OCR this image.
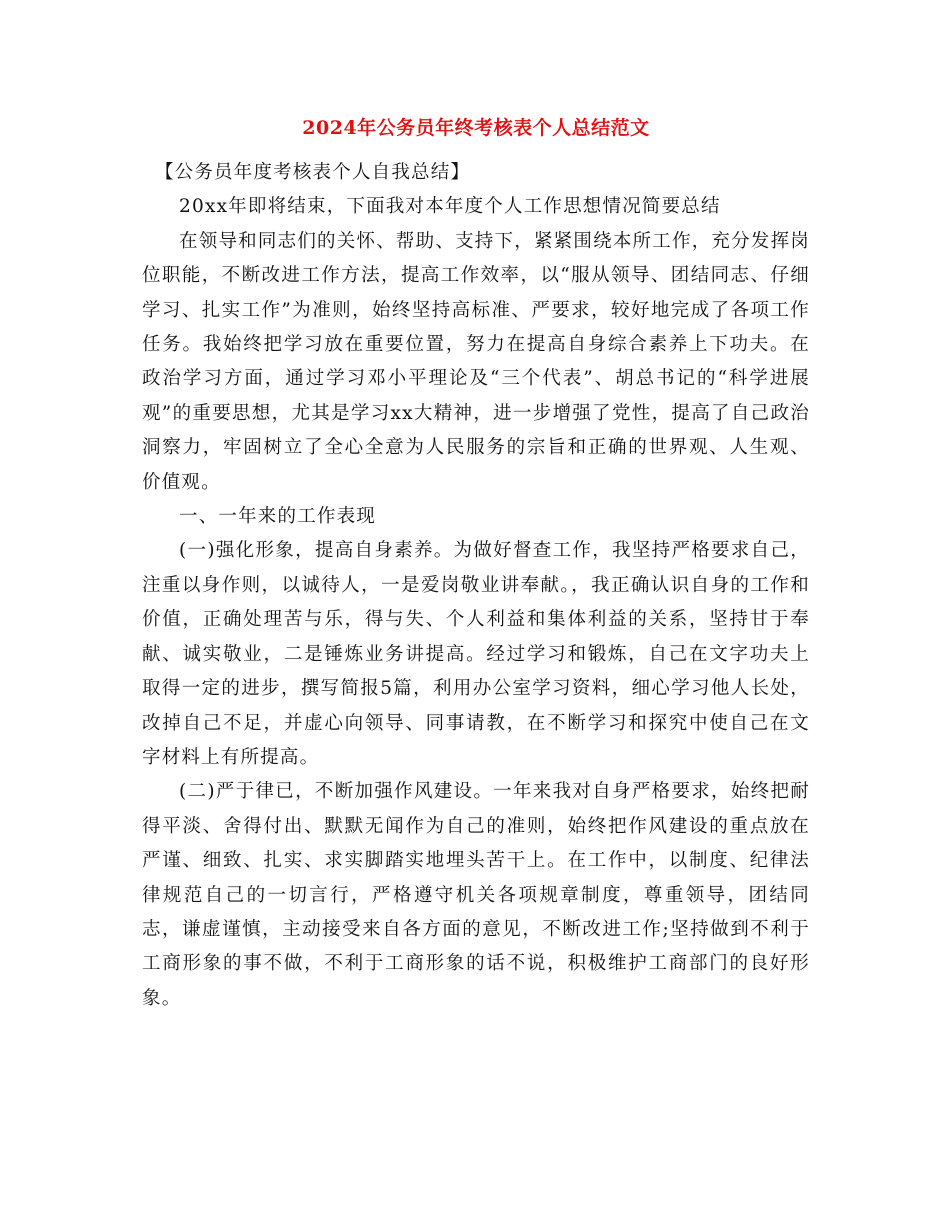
2024年公务员年终考核表个人总结范文

【公务员年度考核表个人自我总结】

20xx年即将结束，下面我对本年度个人工作思想情况简要总结

在领导和同志们的关怀、帮助、支持下，紧紧围绕本所工作，充分发挥岗位职能，不断改进工作方法，提高工作效率，以“服从领导、团结同志、仔细学习、扎实工作”为准则，始终坚持高标准、严要求，较好地完成了各项工作任务。我始终把学习放在重要位置，努力在提高自身综合素养上下功夫。在政治学习方面，通过学习邓小平理论及“三个代表”、胡总书记的“科学进展观”的重要思想，尤其是学习xx大精神，进一步增强了党性，提高了自己政治洞察力，牢固树立了全心全意为人民服务的宗旨和正确的世界观、人生观、价值观。

一、一年来的工作表现

(一)强化形象，提高自身素养。为做好督查工作，我坚持严格要求自己，注重以身作则，以诚待人，一是爱岗敬业讲奉献。，我正确认识自身的工作和价值，正确处理苦与乐，得与失、个人利益和集体利益的关系，坚持甘于奉献、诚实敬业，二是锤炼业务讲提高。经过学习和锻炼，自己在文字功夫上取得一定的进步，撰写简报5篇，利用办公室学习资料，细心学习他人长处，改掉自己不足，并虚心向领导、同事请教，在不断学习和探究中使自己在文字材料上有所提高。

(二)严于律已，不断加强作风建设。一年来我对自身严格要求，始终把耐得平淡、舍得付出、默默无闻作为自己的准则，始终把作风建设的重点放在严谨、细致、扎实、求实脚踏实地埋头苦干上。在工作中，以制度、纪律法律规范自己的一切言行，严格遵守机关各项规章制度，尊重领导，团结同志，谦虚谨慎，主动接受来自各方面的意见，不断改进工作;坚持做到不利于工商形象的事不做，不利于工商形象的话不说，积极维护工商部门的良好形象。
